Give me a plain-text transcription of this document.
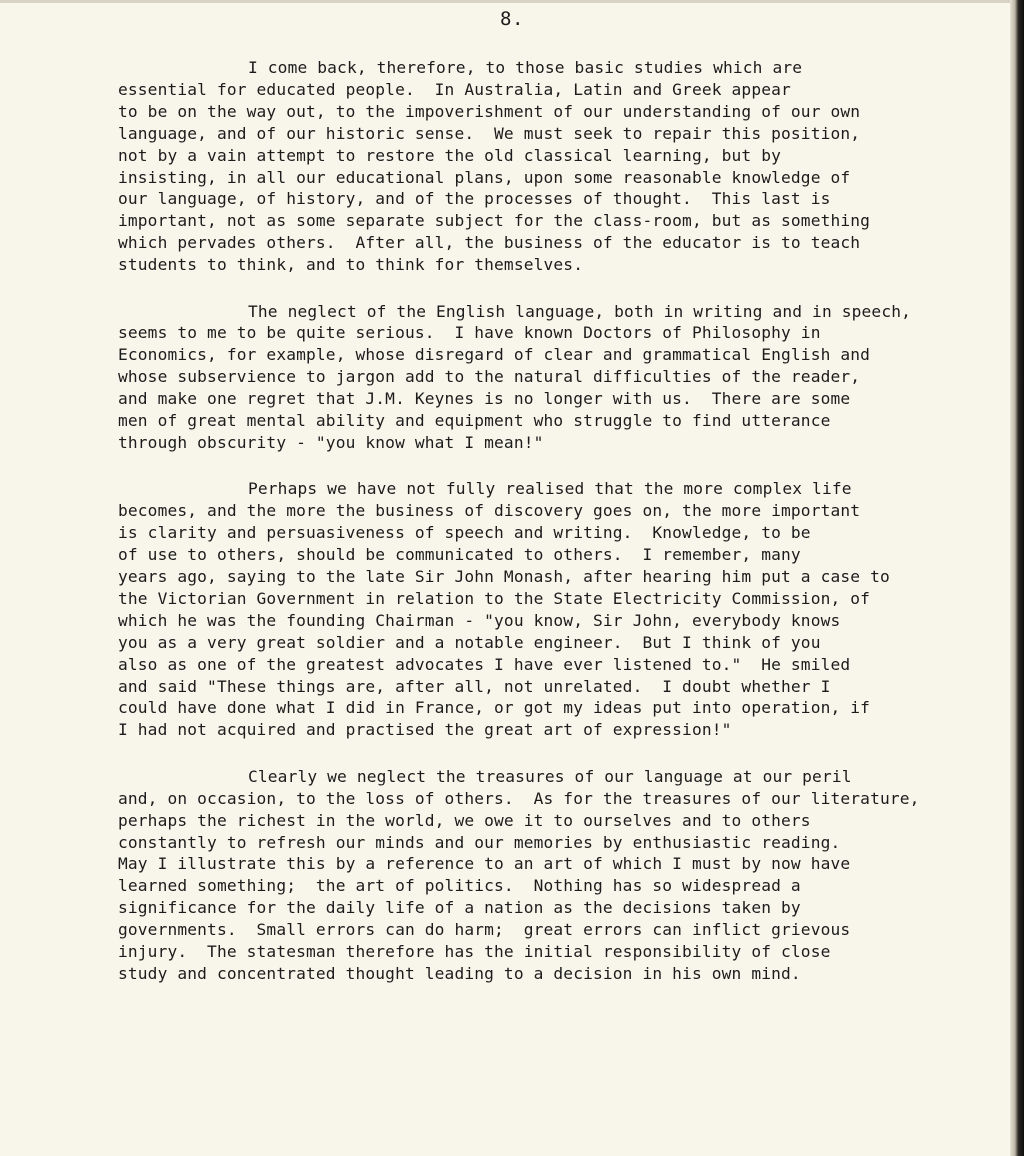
8.
I come back, therefore, to those basic studies which are
essential for educated people.  In Australia, Latin and Greek appear
to be on the way out, to the impoverishment of our understanding of our own
language, and of our historic sense.  We must seek to repair this position,
not by a vain attempt to restore the old classical learning, but by
insisting, in all our educational plans, upon some reasonable knowledge of
our language, of history, and of the processes of thought.  This last is
important, not as some separate subject for the class-room, but as something
which pervades others.  After all, the business of the educator is to teach
students to think, and to think for themselves.
The neglect of the English language, both in writing and in speech,
seems to me to be quite serious.  I have known Doctors of Philosophy in
Economics, for example, whose disregard of clear and grammatical English and
whose subservience to jargon add to the natural difficulties of the reader,
and make one regret that J.M. Keynes is no longer with us.  There are some
men of great mental ability and equipment who struggle to find utterance
through obscurity - "you know what I mean!"
Perhaps we have not fully realised that the more complex life
becomes, and the more the business of discovery goes on, the more important
is clarity and persuasiveness of speech and writing.  Knowledge, to be
of use to others, should be communicated to others.  I remember, many
years ago, saying to the late Sir John Monash, after hearing him put a case to
the Victorian Government in relation to the State Electricity Commission, of
which he was the founding Chairman - "you know, Sir John, everybody knows
you as a very great soldier and a notable engineer.  But I think of you
also as one of the greatest advocates I have ever listened to."  He smiled
and said "These things are, after all, not unrelated.  I doubt whether I
could have done what I did in France, or got my ideas put into operation, if
I had not acquired and practised the great art of expression!"
Clearly we neglect the treasures of our language at our peril
and, on occasion, to the loss of others.  As for the treasures of our literature,
perhaps the richest in the world, we owe it to ourselves and to others
constantly to refresh our minds and our memories by enthusiastic reading.
May I illustrate this by a reference to an art of which I must by now have
learned something;  the art of politics.  Nothing has so widespread a
significance for the daily life of a nation as the decisions taken by
governments.  Small errors can do harm;  great errors can inflict grievous
injury.  The statesman therefore has the initial responsibility of close
study and concentrated thought leading to a decision in his own mind.
